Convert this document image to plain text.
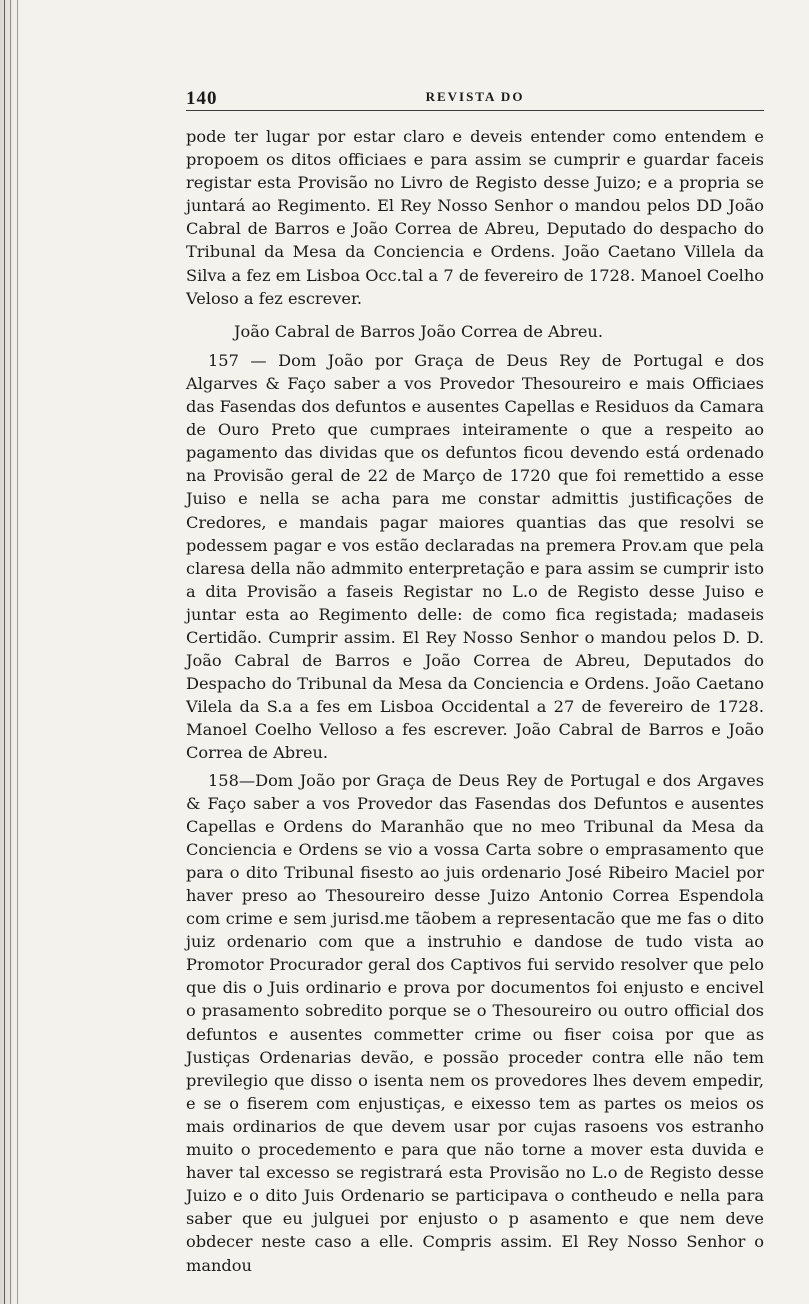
140	REVISTA DO

pode ter lugar por estar claro e deveis entender como entendem e propoem os ditos officiaes e para assim se cumprir e guardar faceis registar esta Provisão no Livro de Registo desse Juizo; e a propria se juntará ao Regimento. El Rey Nosso Senhor o mandou pelos DD João Cabral de Barros e João Correa de Abreu, Deputado do despacho do Tribunal da Mesa da Conciencia e Ordens. João Caetano Villela da Silva a fez em Lisboa Occ.tal a 7 de fevereiro de 1728. Manoel Coelho Veloso a fez escrever.

João Cabral de Barros João Correa de Abreu.

157 — Dom João por Graça de Deus Rey de Portugal e dos Algarves & Faço saber a vos Provedor Thesoureiro e mais Officiaes das Fasendas dos defuntos e ausentes Capellas e Residuos da Camara de Ouro Preto que cumpraes inteiramente o que a respeito ao pagamento das dividas que os defuntos ficou devendo está ordenado na Provisão geral de 22 de Março de 1720 que foi remettido a esse Juiso e nella se acha para me constar admittis justificações de Credores, e mandais pagar maiores quantias das que resolvi se podessem pagar e vos estão declaradas na premera Prov.am que pela claresa della não admmito enterpretação e para assim se cumprir isto a dita Provisão a faseis Registar no L.o de Registo desse Juiso e juntar esta ao Regimento delle: de como fica registada; madaseis Certidão. Cumprir assim. El Rey Nosso Senhor o mandou pelos D. D. João Cabral de Barros e João Correa de Abreu, Deputados do Despacho do Tribunal da Mesa da Conciencia e Ordens. João Caetano Vilela da S.a a fes em Lisboa Occidental a 27 de fevereiro de 1728. Manoel Coelho Velloso a fes escrever. João Cabral de Barros e João Correa de Abreu.

158—Dom João por Graça de Deus Rey de Portugal e dos Argaves & Faço saber a vos Provedor das Fasendas dos Defuntos e ausentes Capellas e Ordens do Maranhão que no meo Tribunal da Mesa da Conciencia e Ordens se vio a vossa Carta sobre o emprasamento que para o dito Tribunal fisesto ao juis ordenario José Ribeiro Maciel por haver preso ao Thesoureiro desse Juizo Antonio Correa Espendola com crime e sem jurisd.me tãobem a representacão que me fas o dito juiz ordenario com que a instruhio e dandose de tudo vista ao Promotor Procurador geral dos Captivos fui servido resolver que pelo que dis o Juis ordinario e prova por documentos foi enjusto e encivel o prasamento sobredito porque se o Thesoureiro ou outro official dos defuntos e ausentes commetter crime ou fiser coisa por que as Justiças Ordenarias devão, e possão proceder contra elle não tem previlegio que disso o isenta nem os provedores lhes devem empedir, e se o fiserem com enjustiças, e eixesso tem as partes os meios os mais ordinarios de que devem usar por cujas rasoens vos estranho muito o procedemento e para que não torne a mover esta duvida e haver tal excesso se registrará esta Provisão no L.o de Registo desse Juizo e o dito Juis Ordenario se participava o contheudo e nella para saber que eu julguei por enjusto o p asamento e que nem deve obdecer neste caso a elle. Compris assim. El Rey Nosso Senhor o mandou
